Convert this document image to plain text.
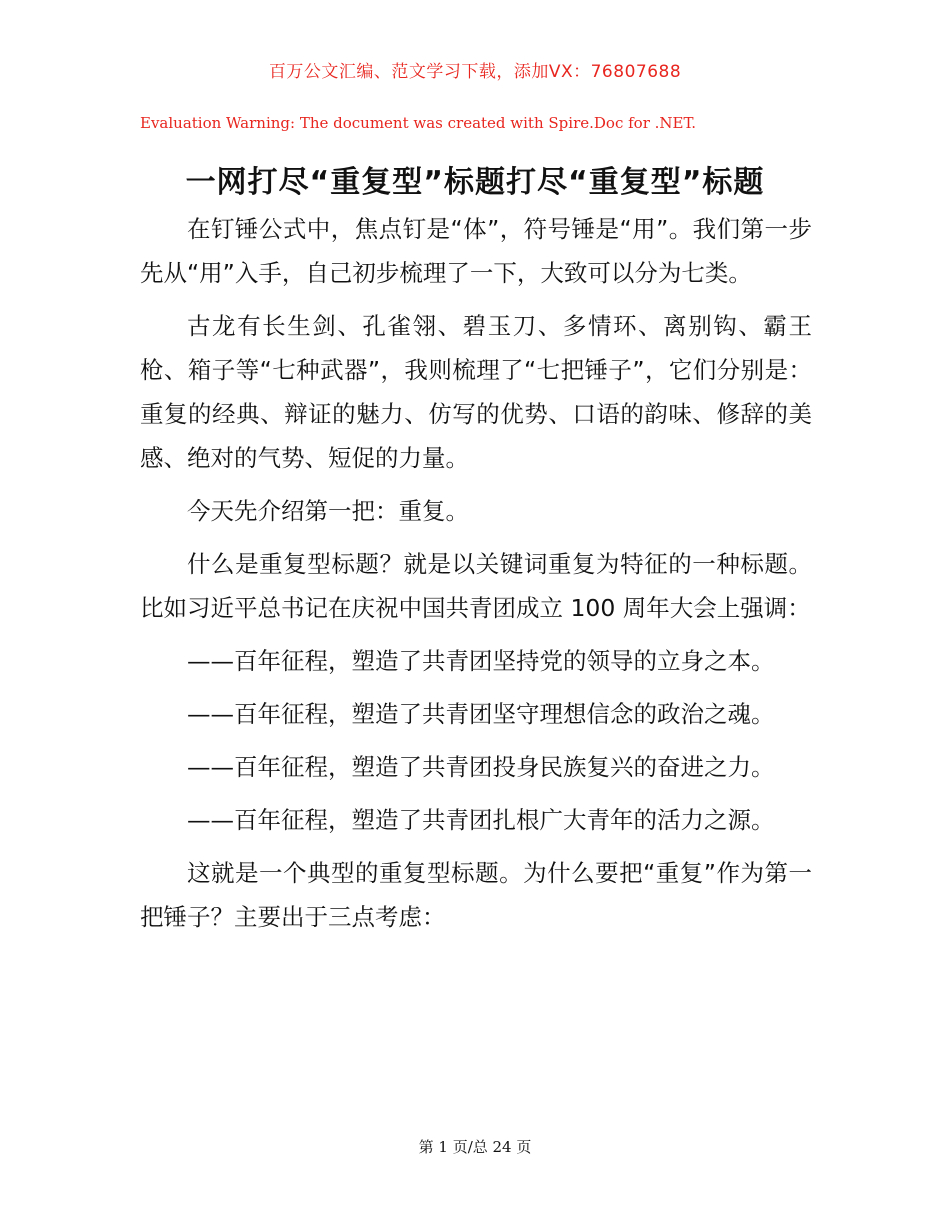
百万公文汇编、范文学习下载，添加VX：76807688
Evaluation Warning: The document was created with Spire.Doc for .NET.
一网打尽“重复型”标题打尽“重复型”标题

在钉锤公式中，焦点钉是“体”，符号锤是“用”。我们第一步先从“用”入手，自己初步梳理了一下，大致可以分为七类。

古龙有长生剑、孔雀翎、碧玉刀、多情环、离别钩、霸王枪、箱子等“七种武器”，我则梳理了“七把锤子”，它们分别是：重复的经典、辩证的魅力、仿写的优势、口语的韵味、修辞的美感、绝对的气势、短促的力量。

今天先介绍第一把：重复。

什么是重复型标题？就是以关键词重复为特征的一种标题。比如习近平总书记在庆祝中国共青团成立 100 周年大会上强调：

——百年征程，塑造了共青团坚持党的领导的立身之本。

——百年征程，塑造了共青团坚守理想信念的政治之魂。

——百年征程，塑造了共青团投身民族复兴的奋进之力。

——百年征程，塑造了共青团扎根广大青年的活力之源。

这就是一个典型的重复型标题。为什么要把“重复”作为第一把锤子？主要出于三点考虑：

第 1 页/总 24 页
